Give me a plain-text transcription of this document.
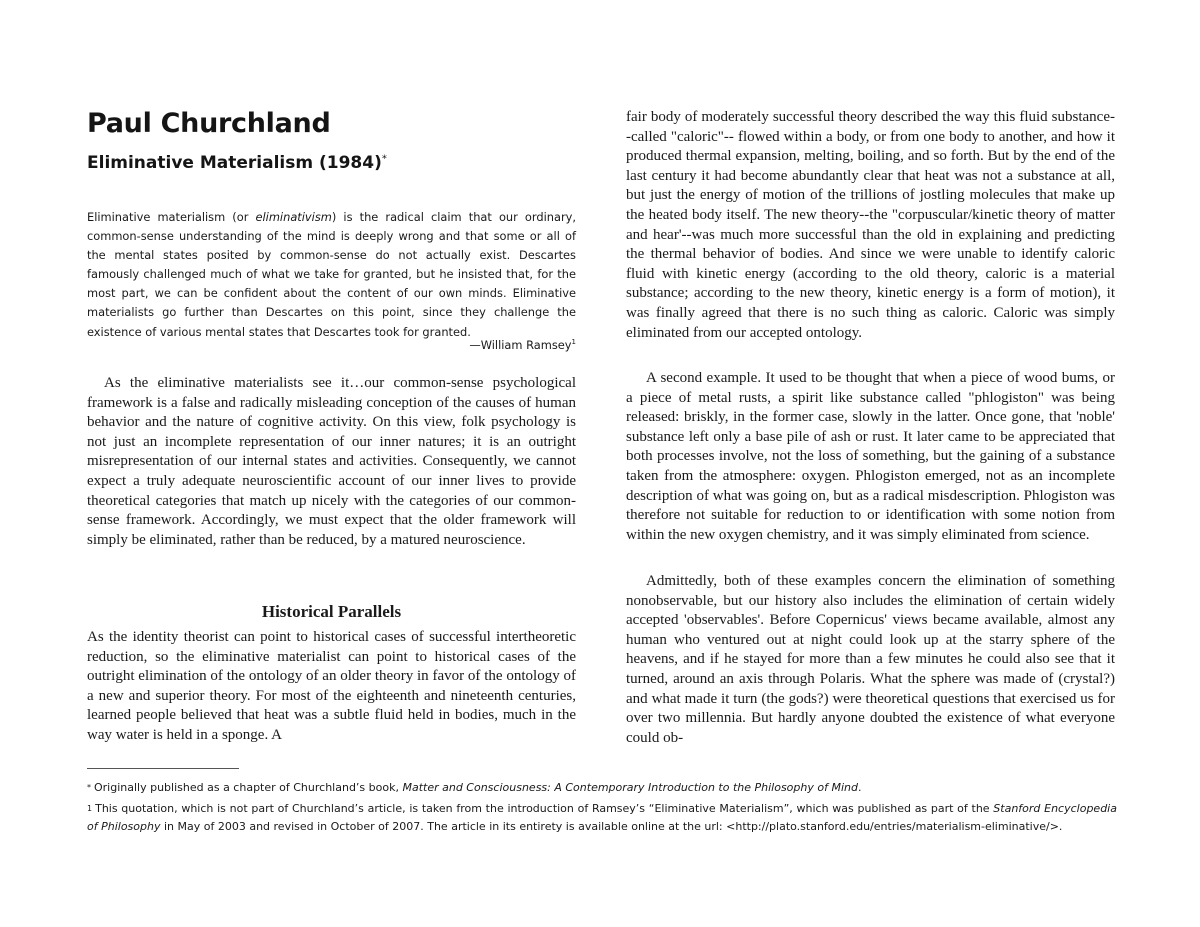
Paul Churchland
Eliminative Materialism (1984)*

Eliminative materialism (or eliminativism) is the radical claim that our ordinary, common-sense understanding of the mind is deeply wrong and that some or all of the mental states posited by common-sense do not actually exist. Descartes famously challenged much of what we take for granted, but he insisted that, for the most part, we can be confident about the content of our own minds. Eliminative materialists go further than Descartes on this point, since they challenge the existence of various mental states that Descartes took for granted.

—William Ramsey$^1$

As the eliminative materialists see it…our common-sense psychological framework is a false and radically misleading conception of the causes of human behavior and the nature of cognitive activity. On this view, folk psychology is not just an incomplete representation of our inner natures; it is an outright misrepresentation of our internal states and activities. Consequently, we cannot expect a truly adequate neuroscientific account of our inner lives to provide theoretical categories that match up nicely with the categories of our common- sense framework. Accordingly, we must expect that the older framework will simply be eliminated, rather than be reduced, by a matured neuroscience.

Historical Parallels

As the identity theorist can point to historical cases of successful intertheoretic reduction, so the eliminative materialist can point to historical cases of the outright elimination of the ontology of an older theory in favor of the ontology of a new and superior theory. For most of the eighteenth and nineteenth centuries, learned people believed that heat was a subtle fluid held in bodies, much in the way water is held in a sponge. A

fair body of moderately successful theory described the way this fluid substance--called "caloric"-- flowed within a body, or from one body to another, and how it produced thermal expansion, melting, boiling, and so forth. But by the end of the last century it had become abundantly clear that heat was not a substance at all, but just the energy of motion of the trillions of jostling molecules that make up the heated body itself. The new theory--the "corpuscular/kinetic theory of matter and hear'--was much more successful than the old in explaining and predicting the thermal behavior of bodies. And since we were unable to identify caloric fluid with kinetic energy (according to the old theory, caloric is a material substance; according to the new theory, kinetic energy is a form of motion), it was finally agreed that there is no such thing as caloric. Caloric was simply eliminated from our accepted ontology.

A second example. It used to be thought that when a piece of wood bums, or a piece of metal rusts, a spirit like substance called "phlogiston" was being released: briskly, in the former case, slowly in the latter. Once gone, that 'noble' substance left only a base pile of ash or rust. It later came to be appreciated that both processes involve, not the loss of something, but the gaining of a substance taken from the atmosphere: oxygen. Phlogiston emerged, not as an incomplete description of what was going on, but as a radical misdescription. Phlogiston was therefore not suitable for reduction to or identification with some notion from within the new oxygen chemistry, and it was simply eliminated from science.

Admittedly, both of these examples concern the elimination of something nonobservable, but our history also includes the elimination of certain widely accepted 'observables'. Before Copernicus' views became available, almost any human who ventured out at night could look up at the starry sphere of the heavens, and if he stayed for more than a few minutes he could also see that it turned, around an axis through Polaris. What the sphere was made of (crystal?) and what made it turn (the gods?) were theoretical questions that exercised us for over two millennia. But hardly anyone doubted the existence of what everyone could ob-

* Originally published as a chapter of Churchland’s book, Matter and Consciousness: A Contemporary Introduction to the Philosophy of Mind.

$^1$ This quotation, which is not part of Churchland’s article, is taken from the introduction of Ramsey’s “Eliminative Materialism”, which was published as part of the Stanford Encyclopedia of Philosophy in May of 2003 and revised in October of 2007. The article in its entirety is available online at the url: <http://plato.stanford.edu/entries/materialism-eliminative/>.
